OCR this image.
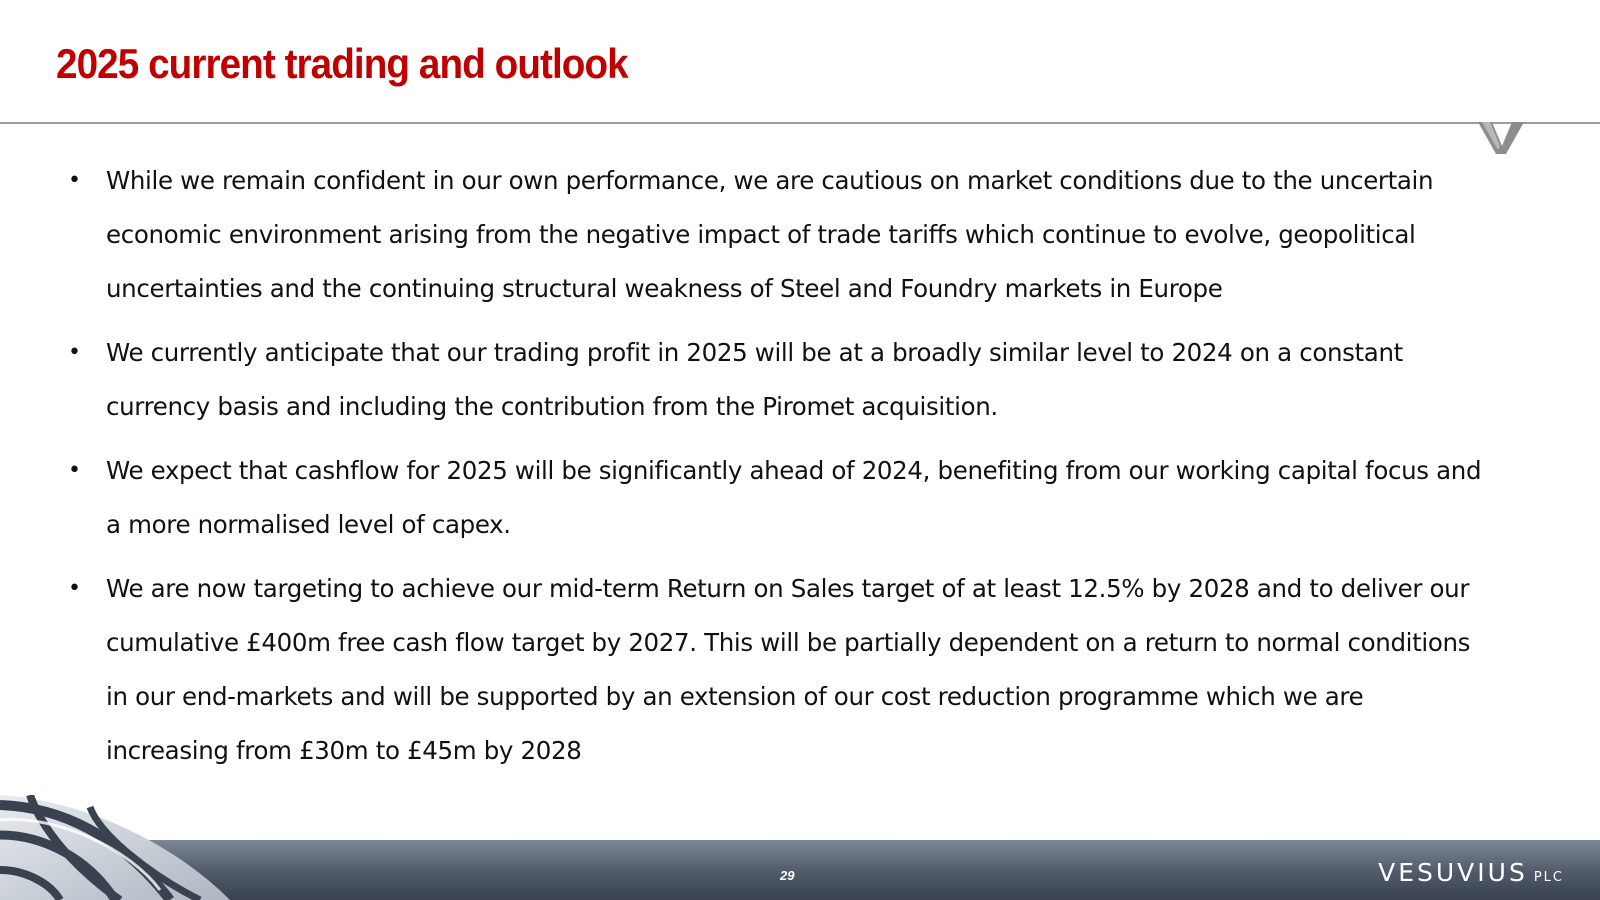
2025 current trading and outlook
• While we remain confident in our own performance, we are cautious on market conditions due to the uncertain economic environment arising from the negative impact of trade tariffs which continue to evolve, geopolitical uncertainties and the continuing structural weakness of Steel and Foundry markets in Europe
• We currently anticipate that our trading profit in 2025 will be at a broadly similar level to 2024 on a constant currency basis and including the contribution from the Piromet acquisition.
• We expect that cashflow for 2025 will be significantly ahead of 2024, benefiting from our working capital focus and a more normalised level of capex.
• We are now targeting to achieve our mid-term Return on Sales target of at least 12.5% by 2028 and to deliver our cumulative £400m free cash flow target by 2027. This will be partially dependent on a return to normal conditions in our end-markets and will be supported by an extension of our cost reduction programme which we are increasing from £30m to £45m by 2028
29	VESUVIUS PLC
